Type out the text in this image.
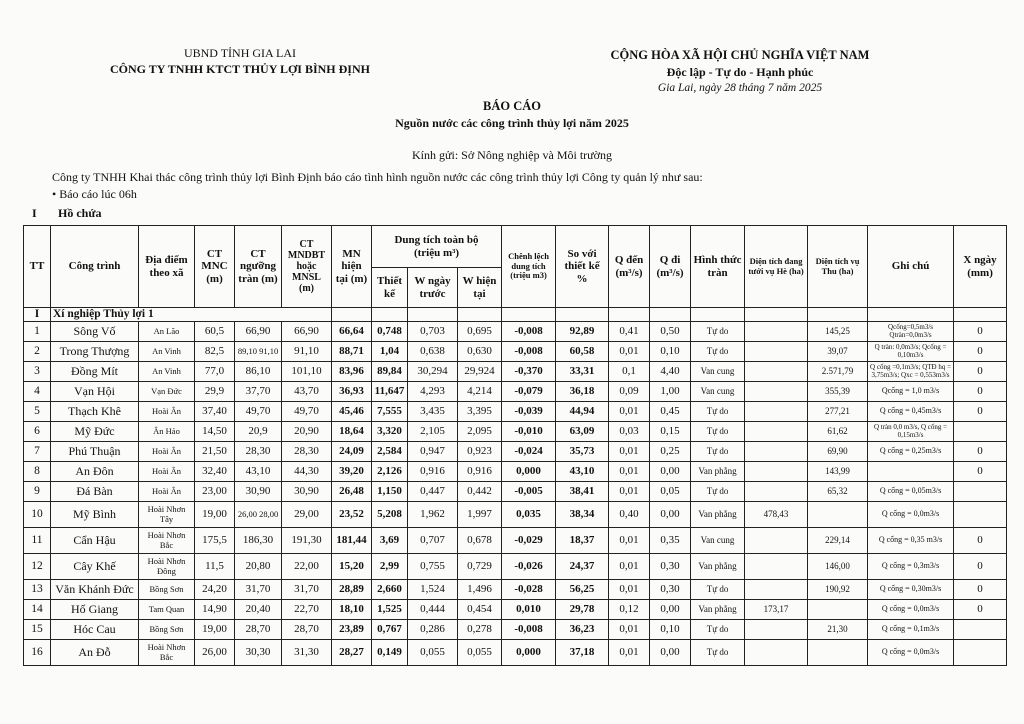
UBND TỈNH GIA LAI
CÔNG TY TNHH KTCT THỦY LỢI BÌNH ĐỊNH
CỘNG HÒA XÃ HỘI CHỦ NGHĨA VIỆT NAM
Độc lập - Tự do - Hạnh phúc
Gia Lai, ngày 28 tháng 7 năm 2025
BÁO CÁO
Nguồn nước các công trình thủy lợi năm 2025
Kính gửi: Sở Nông nghiệp và Môi trường
Công ty TNHH Khai thác công trình thủy lợi Bình Định báo cáo tình hình nguồn nước các công trình thủy lợi Công ty quản lý như sau:
• Báo cáo lúc 06h
I Hồ chứa
TT	Công trình	Địa điểm theo xã	CT MNC (m)	CT ngưỡng tràn (m)	CT MNDBT hoặc MNSL (m)	MN hiện tại (m)	Dung tích toàn bộ
(triệu m³)			Chênh lệch dung tích (triệu m3)	So với thiết kế %	Q đến (m³/s)	Q đi (m³/s)	Hình thức tràn	Diện tích đang tưới vụ Hè (ha)	Diện tích vụ Thu (ha)	Ghi chú	X ngày (mm)
							Thiết kế	W ngày trước	W hiện tại									
I	Xí nghiệp Thủy lợi 1																	
1	Sông Vố	An Lão	60,5	66,90	66,90	66,64	0,748	0,703	0,695	-0,008	92,89	0,41	0,50	Tự do		145,25	Qcống=0,5m3/s Qtràn=0,0m3/s	0
2	Trong Thượng	An Vinh	82,5	89,10 91,10	91,10	88,71	1,04	0,638	0,630	-0,008	60,58	0,01	0,10	Tự do		39,07	Q tràn: 0,0m3/s; Qcống = 0,10m3/s	0
3	Đồng Mít	An Vinh	77,0	86,10	101,10	83,96	89,84	30,294	29,924	-0,370	33,31	0,1	4,40	Van cung		2.571,79	Q cống =0,1m3/s; QTĐ hq = 3,75m3/s; Qxc = 0,553m3/s	0
4	Vạn Hội	Vạn Đức	29,9	37,70	43,70	36,93	11,647	4,293	4,214	-0,079	36,18	0,09	1,00	Van cung		355,39	Qcống = 1,0 m3/s	0
5	Thạch Khê	Hoài Ân	37,40	49,70	49,70	45,46	7,555	3,435	3,395	-0,039	44,94	0,01	0,45	Tự do		277,21	Q cống = 0,45m3/s	0
6	Mỹ Đức	Ân Hảo	14,50	20,9	20,90	18,64	3,320	2,105	2,095	-0,010	63,09	0,03	0,15	Tự do		61,62	Q tràn 0,0 m3/s, Q cống = 0,15m3/s	
7	Phú Thuận	Hoài Ân	21,50	28,30	28,30	24,09	2,584	0,947	0,923	-0,024	35,73	0,01	0,25	Tự do		69,90	Q cống = 0,25m3/s	0
8	An Đôn	Hoài Ân	32,40	43,10	44,30	39,20	2,126	0,916	0,916	0,000	43,10	0,01	0,00	Van phẳng		143,99		0
9	Đá Bàn	Hoài Ân	23,00	30,90	30,90	26,48	1,150	0,447	0,442	-0,005	38,41	0,01	0,05	Tự do		65,32	Q cống = 0,05m3/s	
10	Mỹ Bình	Hoài Nhơn Tây	19,00	26,00 28,00	29,00	23,52	5,208	1,962	1,997	0,035	38,34	0,40	0,00	Van phẳng	478,43		Q cống = 0,0m3/s	
11	Cẩn Hậu	Hoài Nhơn Bắc	175,5	186,30	191,30	181,44	3,69	0,707	0,678	-0,029	18,37	0,01	0,35	Van cung		229,14	Q cống = 0,35 m3/s	0
12	Cây Khế	Hoài Nhơn Đông	11,5	20,80	22,00	15,20	2,99	0,755	0,729	-0,026	24,37	0,01	0,30	Van phẳng		146,00	Q cống = 0,3m3/s	0
13	Văn Khánh Đức	Bồng Sơn	24,20	31,70	31,70	28,89	2,660	1,524	1,496	-0,028	56,25	0,01	0,30	Tự do		190,92	Q cống = 0,30m3/s	0
14	Hố Giang	Tam Quan	14,90	20,40	22,70	18,10	1,525	0,444	0,454	0,010	29,78	0,12	0,00	Van phẳng	173,17		Q cống = 0,0m3/s	0
15	Hóc Cau	Bồng Sơn	19,00	28,70	28,70	23,89	0,767	0,286	0,278	-0,008	36,23	0,01	0,10	Tự do		21,30	Q cống = 0,1m3/s	
16	An Đỗ	Hoài Nhơn Bắc	26,00	30,30	31,30	28,27	0,149	0,055	0,055	0,000	37,18	0,01	0,00	Tự do			Q cống = 0,0m3/s	
